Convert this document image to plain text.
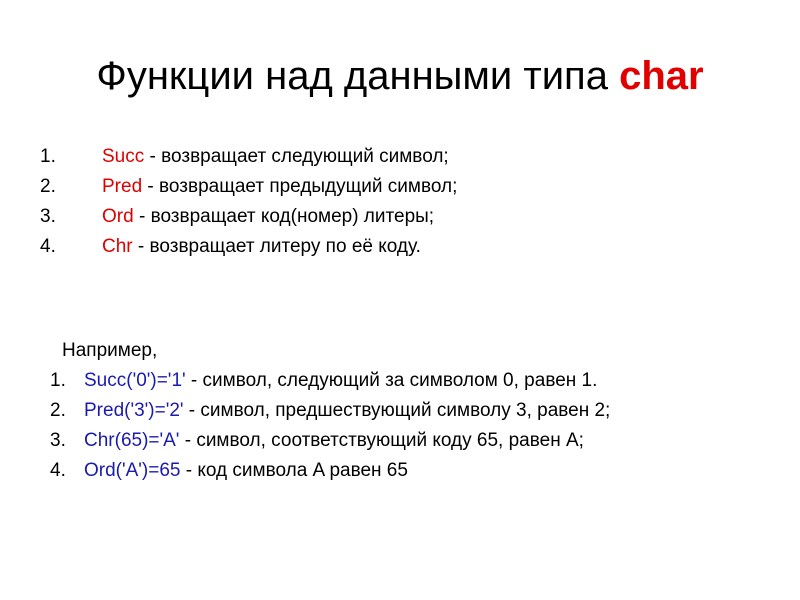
Функции над данными типа char
1. Succ - возвращает следующий символ;
2. Pred - возвращает предыдущий символ;
3. Ord - возвращает код(номер) литеры;
4. Chr - возвращает литеру по её коду.
Например,
1. Succ('0')='1' - символ, следующий за символом 0, равен 1.
2. Pred('3')='2' - символ, предшествующий символу 3, равен 2;
3. Chr(65)='A' - символ, соответствующий коду 65, равен A;
4. Ord('A')=65 - код символа A равен 65
